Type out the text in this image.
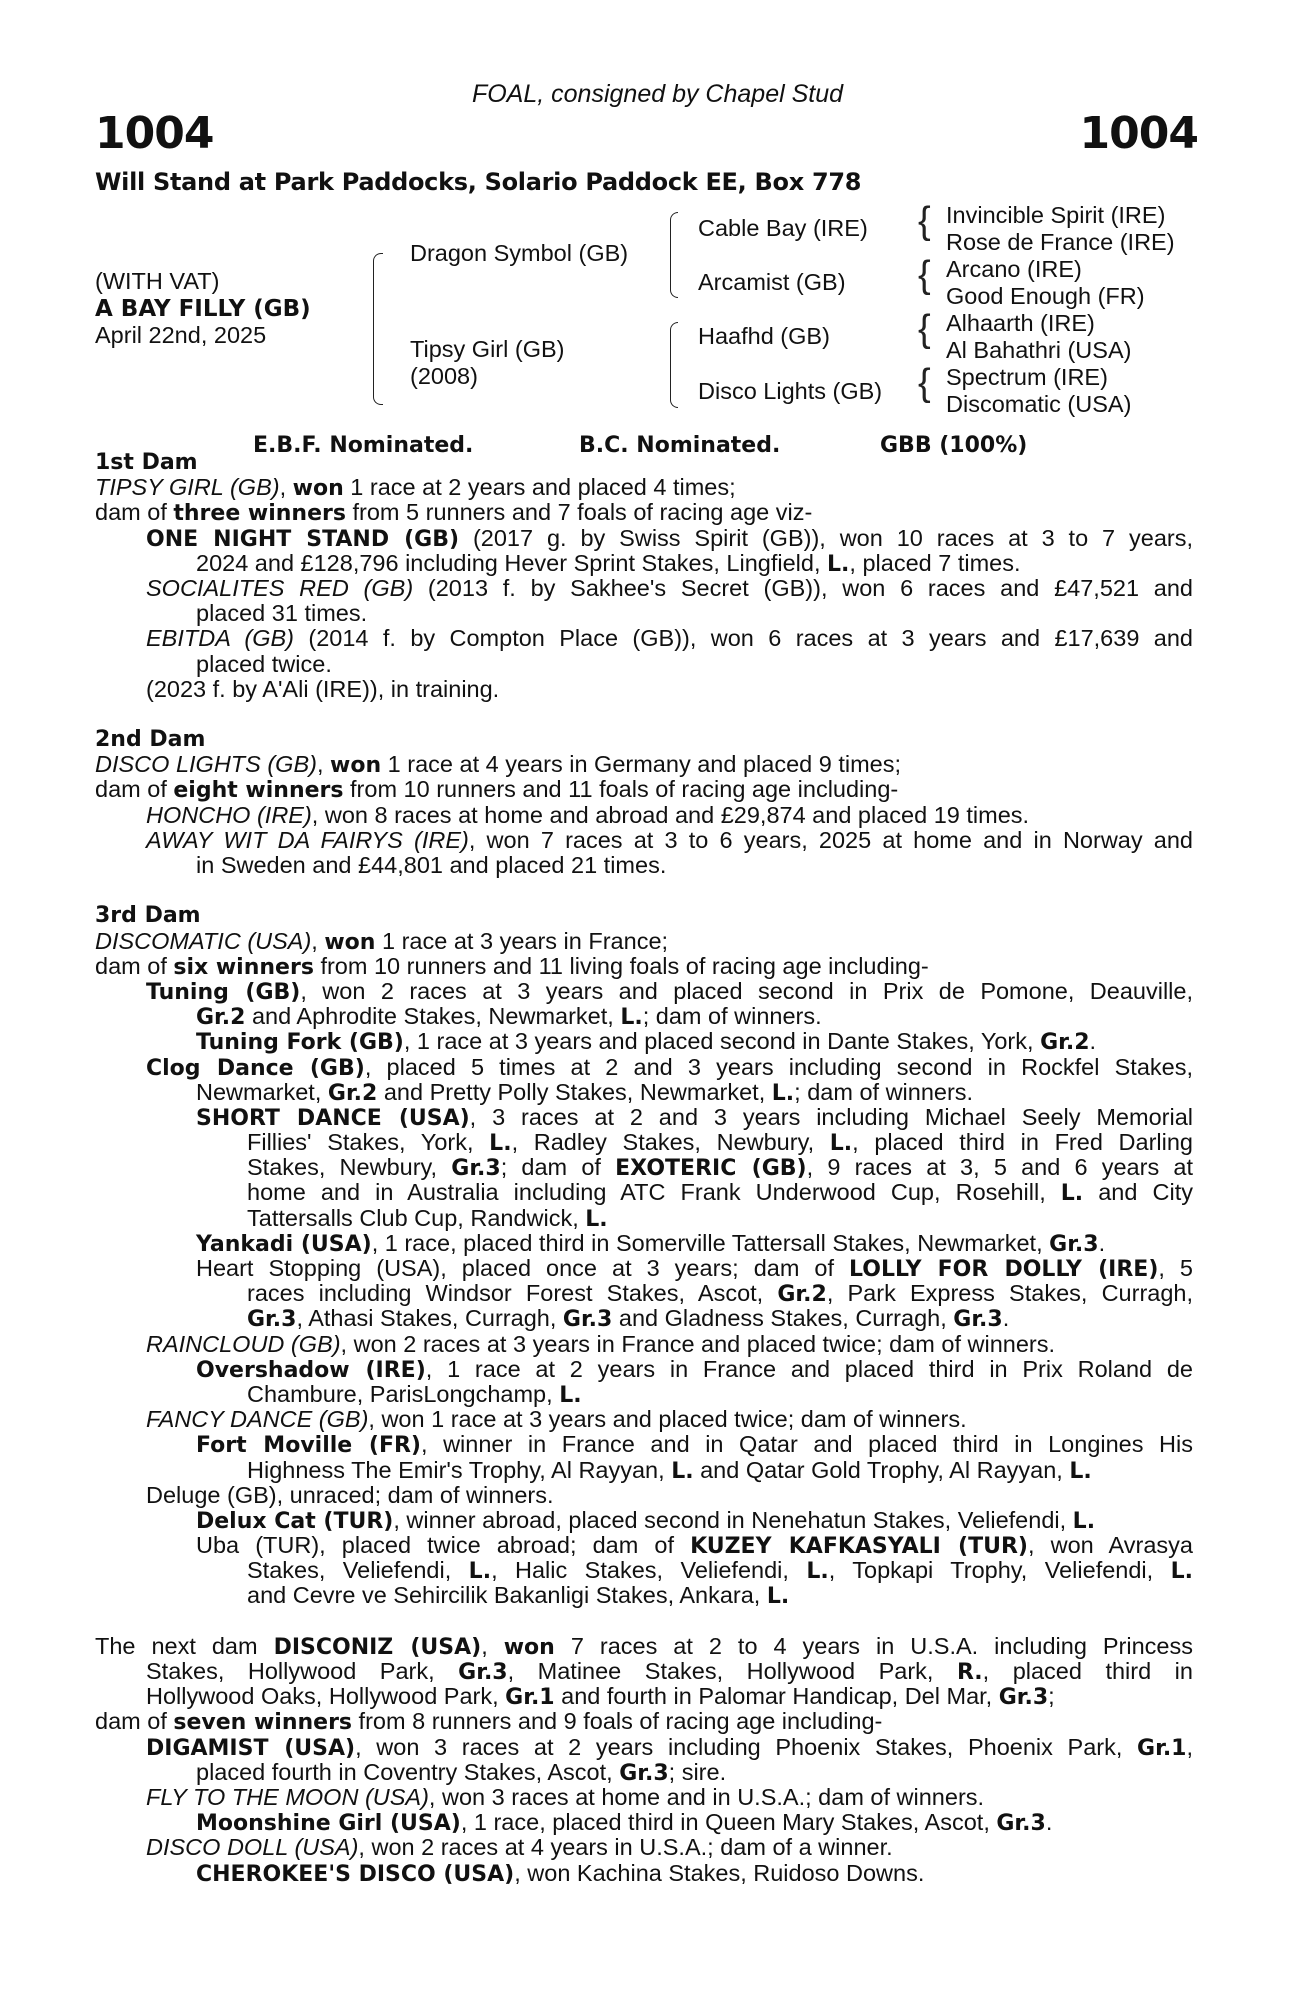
FOAL, consigned by Chapel Stud
1004	1004
Will Stand at Park Paddocks, Solario Paddock EE, Box 778
(WITH VAT)
A BAY FILLY (GB)
April 22nd, 2025
Dragon Symbol (GB)
Tipsy Girl (GB)
(2008)
Cable Bay (IRE)
Arcamist (GB)
Haafhd (GB)
Disco Lights (GB)
{
{
{
{
Invincible Spirit (IRE)
Rose de France (IRE)
Arcano (IRE)
Good Enough (FR)
Alhaarth (IRE)
Al Bahathri (USA)
Spectrum (IRE)
Discomatic (USA)
E.B.F. Nominated.	B.C. Nominated.	GBB (100%)
1st Dam
TIPSY GIRL (GB), won 1 race at 2 years and placed 4 times;
dam of three winners from 5 runners and 7 foals of racing age viz-
ONE NIGHT STAND (GB) (2017 g. by Swiss Spirit (GB)), won 10 races at 3 to 7 years,
2024 and £128,796 including Hever Sprint Stakes, Lingfield, L., placed 7 times.
SOCIALITES RED (GB) (2013 f. by Sakhee's Secret (GB)), won 6 races and £47,521 and
placed 31 times.
EBITDA (GB) (2014 f. by Compton Place (GB)), won 6 races at 3 years and £17,639 and
placed twice.
(2023 f. by A'Ali (IRE)), in training.
2nd Dam
DISCO LIGHTS (GB), won 1 race at 4 years in Germany and placed 9 times;
dam of eight winners from 10 runners and 11 foals of racing age including-
HONCHO (IRE), won 8 races at home and abroad and £29,874 and placed 19 times.
AWAY WIT DA FAIRYS (IRE), won 7 races at 3 to 6 years, 2025 at home and in Norway and
in Sweden and £44,801 and placed 21 times.
3rd Dam
DISCOMATIC (USA), won 1 race at 3 years in France;
dam of six winners from 10 runners and 11 living foals of racing age including-
Tuning (GB), won 2 races at 3 years and placed second in Prix de Pomone, Deauville,
Gr.2 and Aphrodite Stakes, Newmarket, L.; dam of winners.
Tuning Fork (GB), 1 race at 3 years and placed second in Dante Stakes, York, Gr.2.
Clog Dance (GB), placed 5 times at 2 and 3 years including second in Rockfel Stakes,
Newmarket, Gr.2 and Pretty Polly Stakes, Newmarket, L.; dam of winners.
SHORT DANCE (USA), 3 races at 2 and 3 years including Michael Seely Memorial
Fillies' Stakes, York, L., Radley Stakes, Newbury, L., placed third in Fred Darling
Stakes, Newbury, Gr.3; dam of EXOTERIC (GB), 9 races at 3, 5 and 6 years at
home and in Australia including ATC Frank Underwood Cup, Rosehill, L. and City
Tattersalls Club Cup, Randwick, L.
Yankadi (USA), 1 race, placed third in Somerville Tattersall Stakes, Newmarket, Gr.3.
Heart Stopping (USA), placed once at 3 years; dam of LOLLY FOR DOLLY (IRE), 5
races including Windsor Forest Stakes, Ascot, Gr.2, Park Express Stakes, Curragh,
Gr.3, Athasi Stakes, Curragh, Gr.3 and Gladness Stakes, Curragh, Gr.3.
RAINCLOUD (GB), won 2 races at 3 years in France and placed twice; dam of winners.
Overshadow (IRE), 1 race at 2 years in France and placed third in Prix Roland de
Chambure, ParisLongchamp, L.
FANCY DANCE (GB), won 1 race at 3 years and placed twice; dam of winners.
Fort Moville (FR), winner in France and in Qatar and placed third in Longines His
Highness The Emir's Trophy, Al Rayyan, L. and Qatar Gold Trophy, Al Rayyan, L.
Deluge (GB), unraced; dam of winners.
Delux Cat (TUR), winner abroad, placed second in Nenehatun Stakes, Veliefendi, L.
Uba (TUR), placed twice abroad; dam of KUZEY KAFKASYALI (TUR), won Avrasya
Stakes, Veliefendi, L., Halic Stakes, Veliefendi, L., Topkapi Trophy, Veliefendi, L.
and Cevre ve Sehircilik Bakanligi Stakes, Ankara, L.
The next dam DISCONIZ (USA), won 7 races at 2 to 4 years in U.S.A. including Princess
Stakes, Hollywood Park, Gr.3, Matinee Stakes, Hollywood Park, R., placed third in
Hollywood Oaks, Hollywood Park, Gr.1 and fourth in Palomar Handicap, Del Mar, Gr.3;
dam of seven winners from 8 runners and 9 foals of racing age including-
DIGAMIST (USA), won 3 races at 2 years including Phoenix Stakes, Phoenix Park, Gr.1,
placed fourth in Coventry Stakes, Ascot, Gr.3; sire.
FLY TO THE MOON (USA), won 3 races at home and in U.S.A.; dam of winners.
Moonshine Girl (USA), 1 race, placed third in Queen Mary Stakes, Ascot, Gr.3.
DISCO DOLL (USA), won 2 races at 4 years in U.S.A.; dam of a winner.
CHEROKEE'S DISCO (USA), won Kachina Stakes, Ruidoso Downs.
